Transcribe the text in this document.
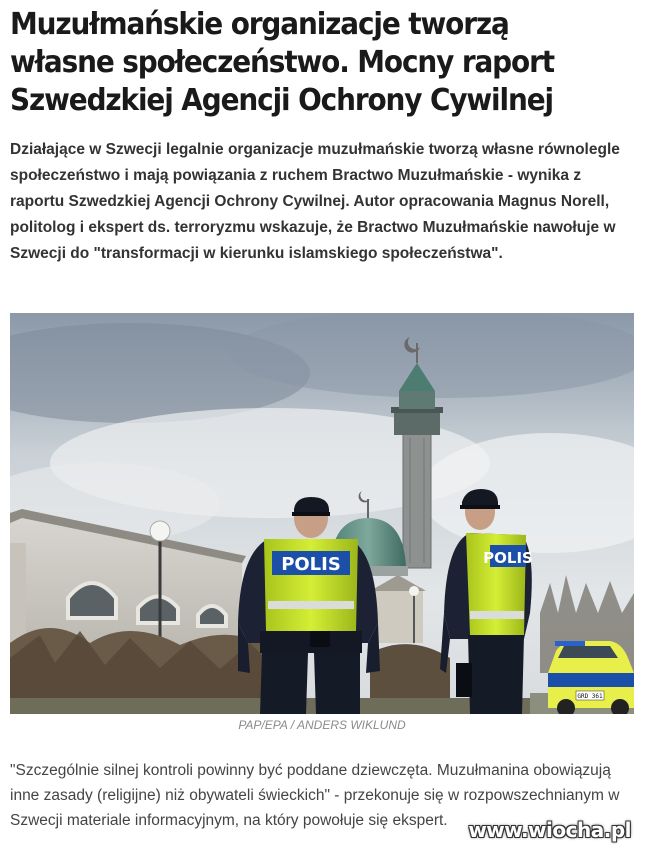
Muzułmańskie organizacje tworzą własne społeczeństwo. Mocny raport Szwedzkiej Agencji Ochrony Cywilnej

Działające w Szwecji legalnie organizacje muzułmańskie tworzą własne równolegle społeczeństwo i mają powiązania z ruchem Bractwo Muzułmańskie - wynika z raportu Szwedzkiej Agencji Ochrony Cywilnej. Autor opracowania Magnus Norell, politolog i ekspert ds. terroryzmu wskazuje, że Bractwo Muzułmańskie nawołuje w Szwecji do "transformacji w kierunku islamskiego społeczeństwa".

GRD 361
POLIS	POLIS
PAP/EPA / ANDERS WIKLUND

"Szczególnie silnej kontroli powinny być poddane dziewczęta. Muzułmanina obowiązują inne zasady (religijne) niż obywateli świeckich" - przekonuje się w rozpowszechnianym w Szwecji materiale informacyjnym, na który powołuje się ekspert.	www.wiocha.pl
